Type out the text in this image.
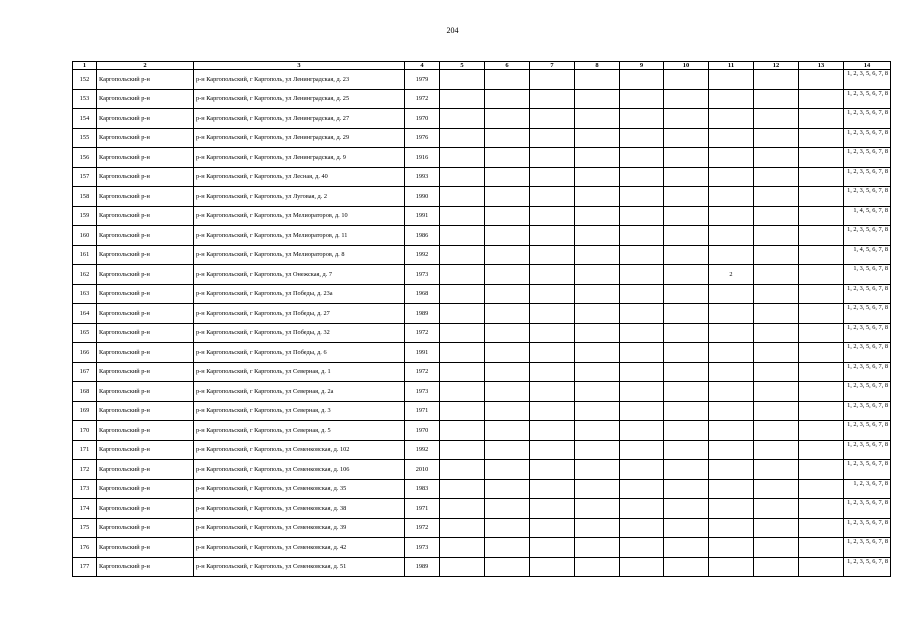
204
1	2	3	4	5	6	7	8	9	10	11	12	13	14
152	Каргопольский р-н	р-н Каргопольский, г Каргополь, ул Ленинградская, д. 23	1979										1, 2, 3, 5, 6, 7, 8
153	Каргопольский р-н	р-н Каргопольский, г Каргополь, ул Ленинградская, д. 25	1972										1, 2, 3, 5, 6, 7, 8
154	Каргопольский р-н	р-н Каргопольский, г Каргополь, ул Ленинградская, д. 27	1970										1, 2, 3, 5, 6, 7, 8
155	Каргопольский р-н	р-н Каргопольский, г Каргополь, ул Ленинградская, д. 29	1976										1, 2, 3, 5, 6, 7, 8
156	Каргопольский р-н	р-н Каргопольский, г Каргополь, ул Ленинградская, д. 9	1916										1, 2, 3, 5, 6, 7, 8
157	Каргопольский р-н	р-н Каргопольский, г Каргополь, ул Лесная, д. 40	1993										1, 2, 3, 5, 6, 7, 8
158	Каргопольский р-н	р-н Каргопольский, г Каргополь, ул Луговая, д. 2	1990										1, 2, 3, 5, 6, 7, 8
159	Каргопольский р-н	р-н Каргопольский, г Каргополь, ул Мелиораторов, д. 10	1991										1, 4, 5, 6, 7, 8
160	Каргопольский р-н	р-н Каргопольский, г Каргополь, ул Мелиораторов, д. 11	1986										1, 2, 3, 5, 6, 7, 8
161	Каргопольский р-н	р-н Каргопольский, г Каргополь, ул Мелиораторов, д. 8	1992										1, 4, 5, 6, 7, 8
162	Каргопольский р-н	р-н Каргопольский, г Каргополь, ул Онежская, д. 7	1973							2			1, 3, 5, 6, 7, 8
163	Каргопольский р-н	р-н Каргопольский, г Каргополь, ул Победы, д. 23а	1968										1, 2, 3, 5, 6, 7, 8
164	Каргопольский р-н	р-н Каргопольский, г Каргополь, ул Победы, д. 27	1989										1, 2, 3, 5, 6, 7, 8
165	Каргопольский р-н	р-н Каргопольский, г Каргополь, ул Победы, д. 32	1972										1, 2, 3, 5, 6, 7, 8
166	Каргопольский р-н	р-н Каргопольский, г Каргополь, ул Победы, д. 6	1991										1, 2, 3, 5, 6, 7, 8
167	Каргопольский р-н	р-н Каргопольский, г Каргополь, ул Северная, д. 1	1972										1, 2, 3, 5, 6, 7, 8
168	Каргопольский р-н	р-н Каргопольский, г Каргополь, ул Северная, д. 2а	1973										1, 2, 3, 5, 6, 7, 8
169	Каргопольский р-н	р-н Каргопольский, г Каргополь, ул Северная, д. 3	1971										1, 2, 3, 5, 6, 7, 8
170	Каргопольский р-н	р-н Каргопольский, г Каргополь, ул Северная, д. 5	1970										1, 2, 3, 5, 6, 7, 8
171	Каргопольский р-н	р-н Каргопольский, г Каргополь, ул Семенковская, д. 102	1992										1, 2, 3, 5, 6, 7, 8
172	Каргопольский р-н	р-н Каргопольский, г Каргополь, ул Семенковская, д. 106	2010										1, 2, 3, 5, 6, 7, 8
173	Каргопольский р-н	р-н Каргопольский, г Каргополь, ул Семенковская, д. 35	1983										1, 2, 3, 6, 7, 8
174	Каргопольский р-н	р-н Каргопольский, г Каргополь, ул Семенковская, д. 38	1971										1, 2, 3, 5, 6, 7, 8
175	Каргопольский р-н	р-н Каргопольский, г Каргополь, ул Семенковская, д. 39	1972										1, 2, 3, 5, 6, 7, 8
176	Каргопольский р-н	р-н Каргопольский, г Каргополь, ул Семенковская, д. 42	1973										1, 2, 3, 5, 6, 7, 8
177	Каргопольский р-н	р-н Каргопольский, г Каргополь, ул Семенковская, д. 51	1989										1, 2, 3, 5, 6, 7, 8
